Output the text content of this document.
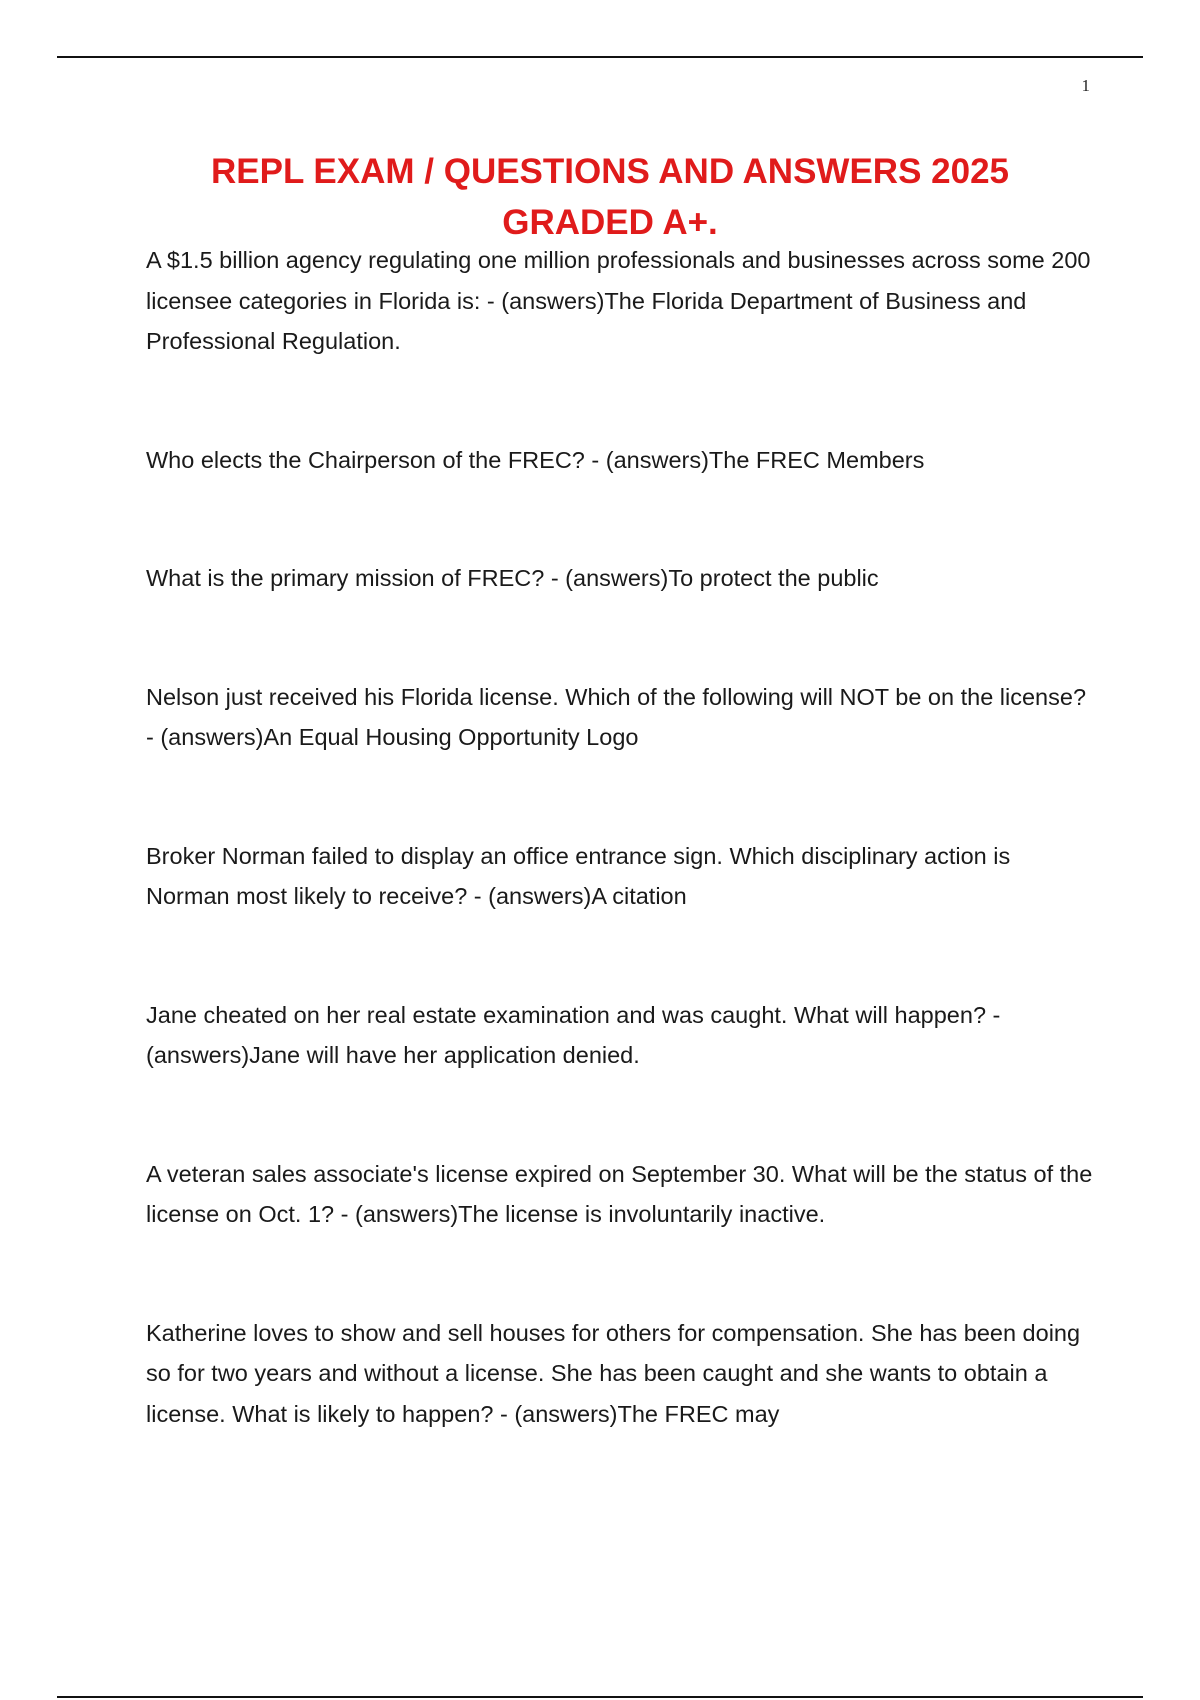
1
REPL EXAM / QUESTIONS AND ANSWERS 2025 GRADED A+.

A $1.5 billion agency regulating one million professionals and businesses across some 200 licensee categories in Florida is: - (answers)The Florida Department of Business and Professional Regulation.

Who elects the Chairperson of the FREC? - (answers)The FREC Members

What is the primary mission of FREC? - (answers)To protect the public

Nelson just received his Florida license. Which of the following will NOT be on the license? - (answers)An Equal Housing Opportunity Logo

Broker Norman failed to display an office entrance sign. Which disciplinary action is Norman most likely to receive? - (answers)A citation

Jane cheated on her real estate examination and was caught. What will happen? - (answers)Jane will have her application denied.

A veteran sales associate's license expired on September 30. What will be the status of the license on Oct. 1? - (answers)The license is involuntarily inactive.

Katherine loves to show and sell houses for others for compensation. She has been doing so for two years and without a license. She has been caught and she wants to obtain a license. What is likely to happen? - (answers)The FREC may
